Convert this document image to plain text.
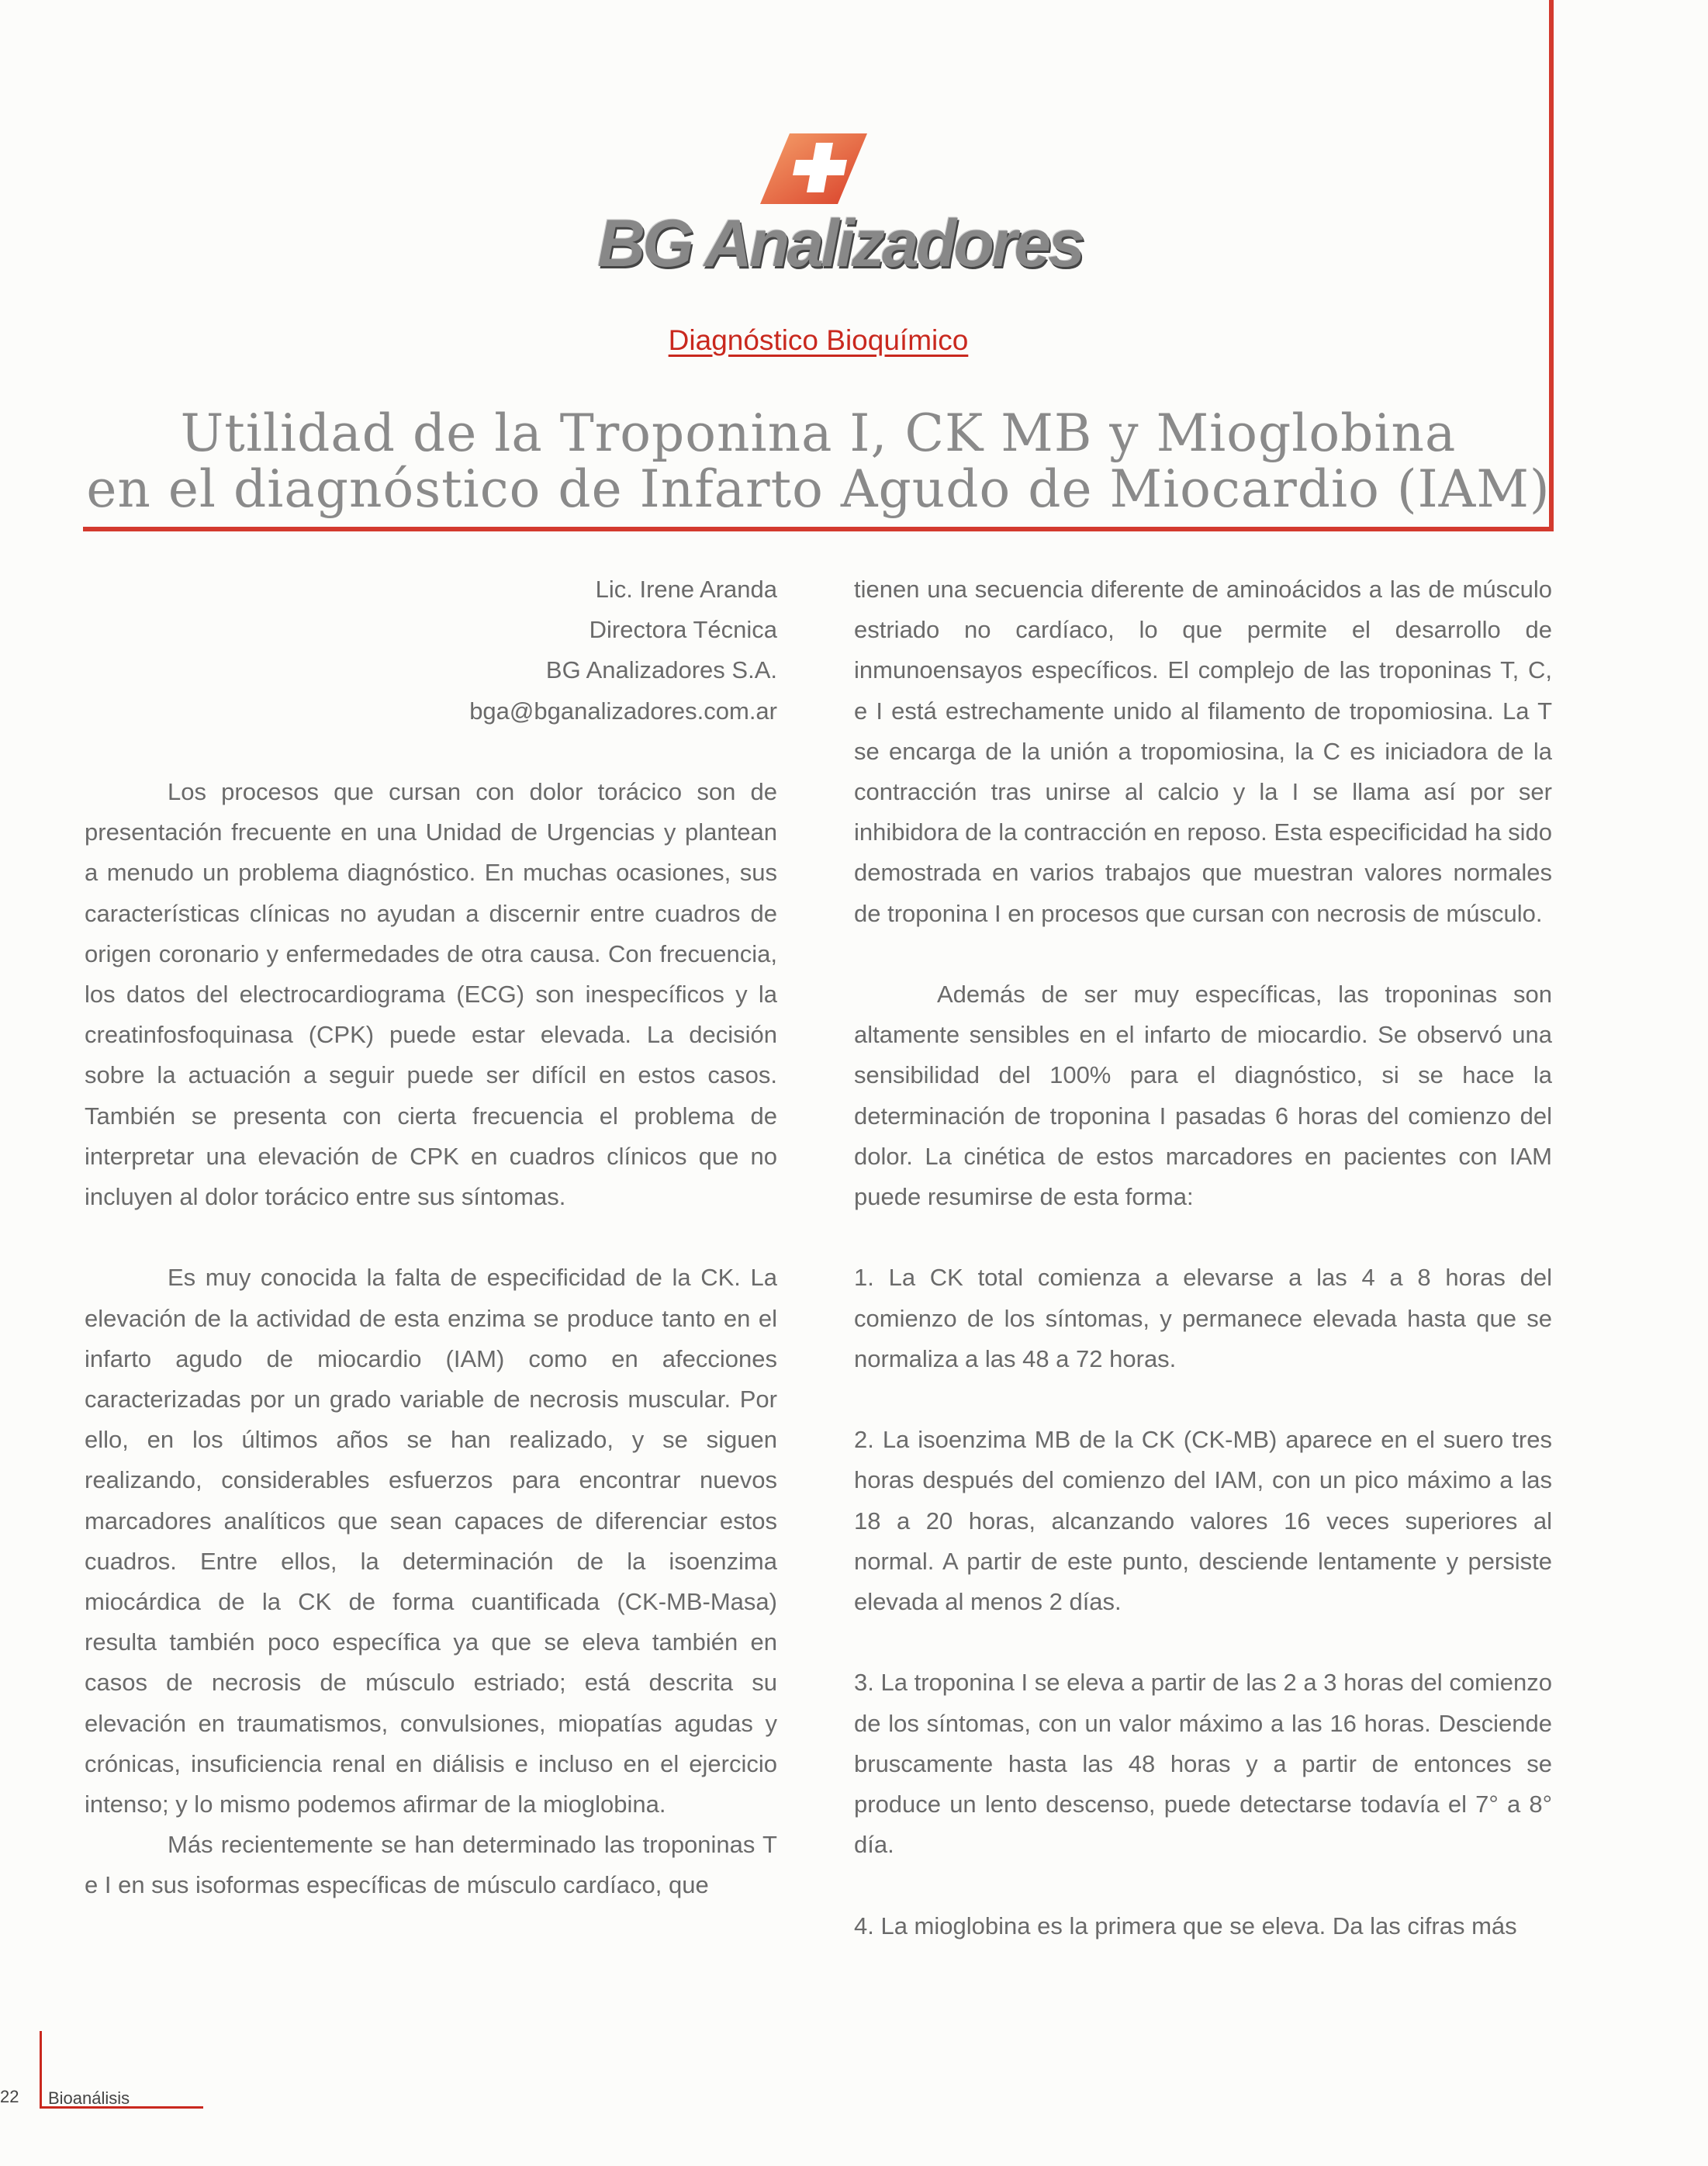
BG Analizadores
Diagnóstico Bioquímico
Utilidad de la Troponina I, CK MB y Mioglobina
en el diagnóstico de Infarto Agudo de Miocardio (IAM)
Lic. Irene Aranda
Directora Técnica
BG Analizadores S.A.
bga@bganalizadores.com.ar

Los procesos que cursan con dolor torácico son de presentación frecuente en una Unidad de Urgencias y plantean a menudo un problema diagnóstico. En muchas ocasiones, sus características clínicas no ayudan a discernir entre cuadros de origen coronario y enfermedades de otra causa. Con frecuencia, los datos del electrocardiograma (ECG) son inespecíficos y la creatinfosfoquinasa (CPK) puede estar elevada. La decisión sobre la actuación a seguir puede ser difícil en estos casos. También se presenta con cierta frecuencia el problema de interpretar una elevación de CPK en cuadros clínicos que no incluyen al dolor torácico entre sus síntomas.

Es muy conocida la falta de especificidad de la CK. La elevación de la actividad de esta enzima se produce tanto en el infarto agudo de miocardio (IAM) como en afecciones caracterizadas por un grado variable de necrosis muscular. Por ello, en los últimos años se han realizado, y se siguen realizando, considerables esfuerzos para encontrar nuevos marcadores analíticos que sean capaces de diferenciar estos cuadros. Entre ellos, la determinación de la isoenzima miocárdica de la CK de forma cuantificada (CK-MB-Masa) resulta también poco específica ya que se eleva también en casos de necrosis de músculo estriado; está descrita su elevación en traumatismos, convulsiones, miopatías agudas y crónicas, insuficiencia renal en diálisis e incluso en el ejercicio intenso; y lo mismo podemos afirmar de la mioglobina.

Más recientemente se han determinado las troponinas T e I en sus isoformas específicas de músculo cardíaco, que

tienen una secuencia diferente de aminoácidos a las de músculo estriado no cardíaco, lo que permite el desarrollo de inmunoensayos específicos. El complejo de las troponinas T, C, e I está estrechamente unido al filamento de tropomiosina. La T se encarga de la unión a tropomiosina, la C es iniciadora de la contracción tras unirse al calcio y la I se llama así por ser inhibidora de la contracción en reposo. Esta especificidad ha sido demostrada en varios trabajos que muestran valores normales de troponina I en procesos que cursan con necrosis de músculo.

Además de ser muy específicas, las troponinas son altamente sensibles en el infarto de miocardio. Se observó una sensibilidad del 100% para el diagnóstico, si se hace la determinación de troponina I pasadas 6 horas del comienzo del dolor. La cinética de estos marcadores en pacientes con IAM puede resumirse de esta forma:

1. La CK total comienza a elevarse a las 4 a 8 horas del comienzo de los síntomas, y permanece elevada hasta que se normaliza a las 48 a 72 horas.

2. La isoenzima MB de la CK (CK-MB) aparece en el suero tres horas después del comienzo del IAM, con un pico máximo a las 18 a 20 horas, alcanzando valores 16 veces superiores al normal. A partir de este punto, desciende lentamente y persiste elevada al menos 2 días.

3. La troponina I se eleva a partir de las 2 a 3 horas del comienzo de los síntomas, con un valor máximo a las 16 horas. Desciende bruscamente hasta las 48 horas y a partir de entonces se produce un lento descenso, puede detectarse todavía el 7° a 8° día.

4. La mioglobina es la primera que se eleva. Da las cifras más

22 Bioanálisis
